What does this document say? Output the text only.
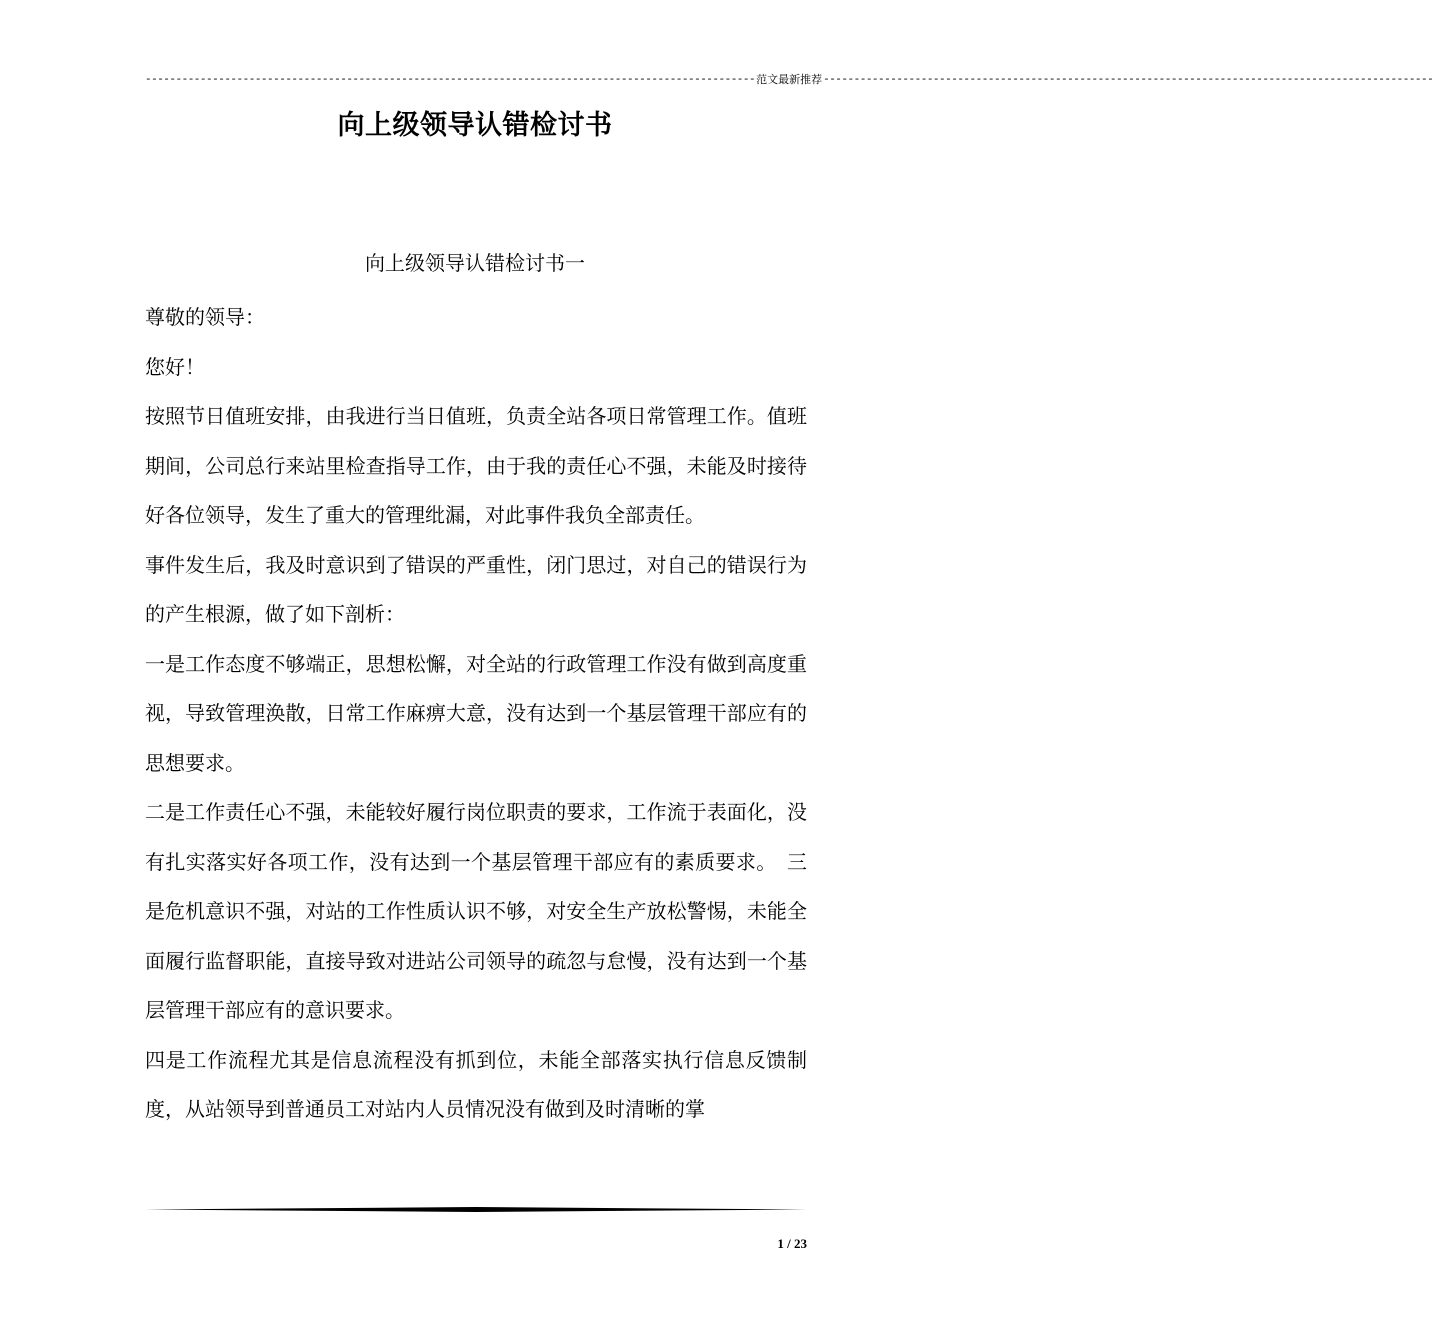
---------------------------------------------------------------------------------------------------- 范文最新推荐 ----------------------------------------------------------------------------------------------------
向上级领导认错检讨书
向上级领导认错检讨书一

尊敬的领导：

您好！

按照节日值班安排，由我进行当日值班，负责全站各项日常管理工作。值班期间，公司总行来站里检查指导工作，由于我的责任心不强，未能及时接待好各位领导，发生了重大的管理纰漏，对此事件我负全部责任。

事件发生后，我及时意识到了错误的严重性，闭门思过，对自己的错误行为的产生根源，做了如下剖析：

一是工作态度不够端正，思想松懈，对全站的行政管理工作没有做到高度重视，导致管理涣散，日常工作麻痹大意，没有达到一个基层管理干部应有的思想要求。

二是工作责任心不强，未能较好履行岗位职责的要求，工作流于表面化，没有扎实落实好各项工作，没有达到一个基层管理干部应有的素质要求。　三是危机意识不强，对站的工作性质认识不够，对安全生产放松警惕，未能全面履行监督职能，直接导致对进站公司领导的疏忽与怠慢，没有达到一个基层管理干部应有的意识要求。

四是工作流程尤其是信息流程没有抓到位，未能全部落实执行信息反馈制度，从站领导到普通员工对站内人员情况没有做到及时清晰的掌

1 / 23
